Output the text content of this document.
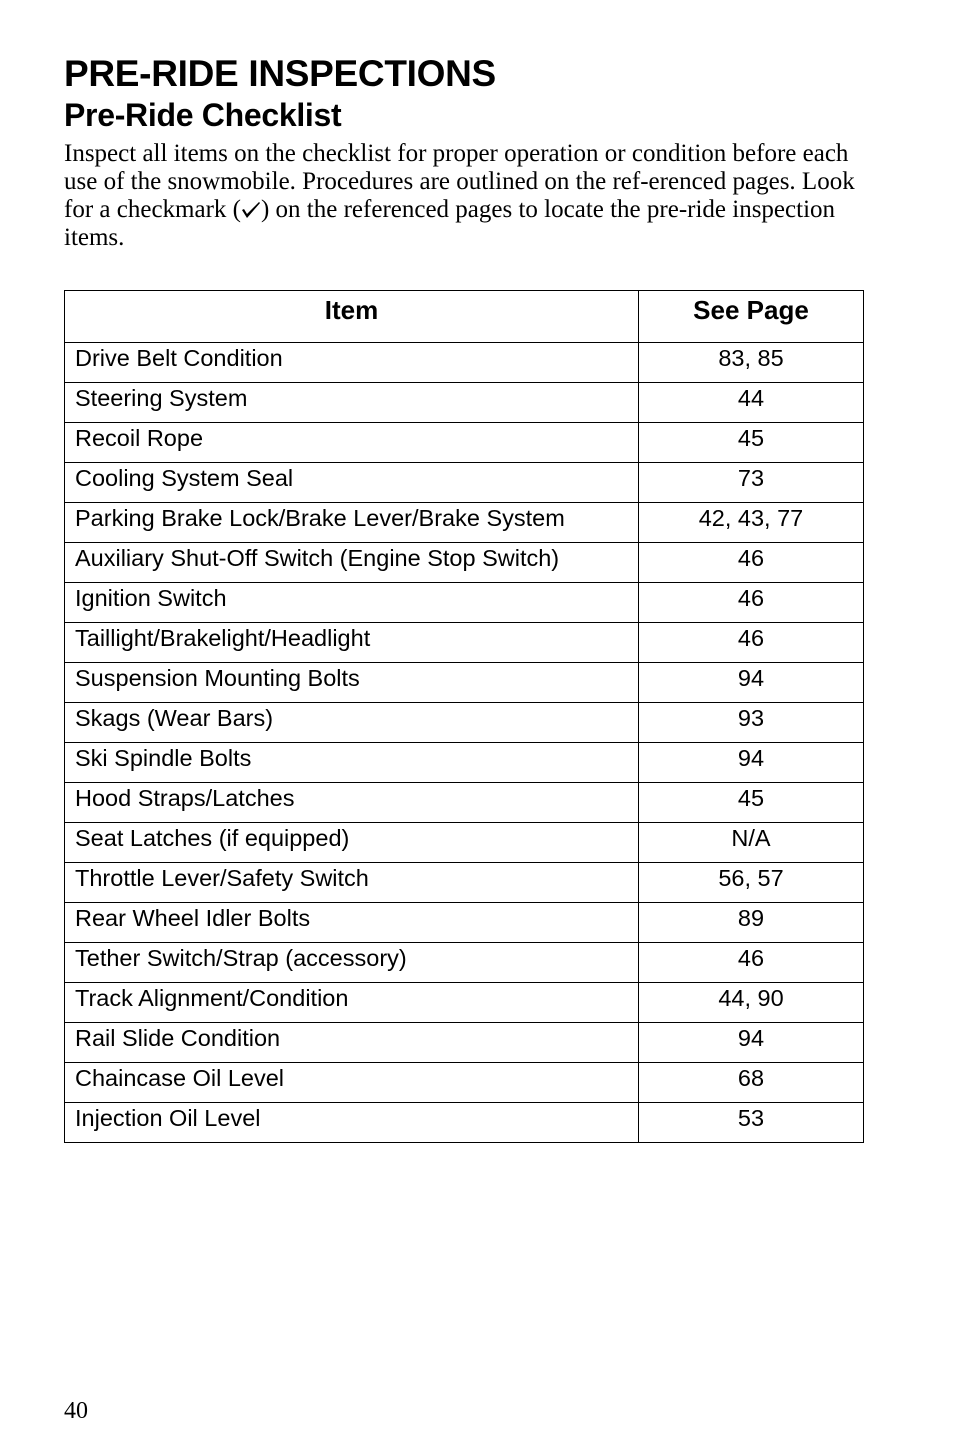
PRE-RIDE INSPECTIONS
Pre-Ride Checklist

Inspect all items on the checklist for proper operation or condition before each use of the snowmobile. Procedures are outlined on the ref-erenced pages. Look for a checkmark ( ) on the referenced pages to locate the pre-ride inspection items.

Item	See Page
Drive Belt Condition	83, 85
Steering System	44
Recoil Rope	45
Cooling System Seal	73
Parking Brake Lock/Brake Lever/Brake System	42, 43, 77
Auxiliary Shut-Off Switch (Engine Stop Switch)	46
Ignition Switch	46
Taillight/Brakelight/Headlight	46
Suspension Mounting Bolts	94
Skags (Wear Bars)	93
Ski Spindle Bolts	94
Hood Straps/Latches	45
Seat Latches (if equipped)	N/A
Throttle Lever/Safety Switch	56, 57
Rear Wheel Idler Bolts	89
Tether Switch/Strap (accessory)	46
Track Alignment/Condition	44, 90
Rail Slide Condition	94
Chaincase Oil Level	68
Injection Oil Level	53
40
